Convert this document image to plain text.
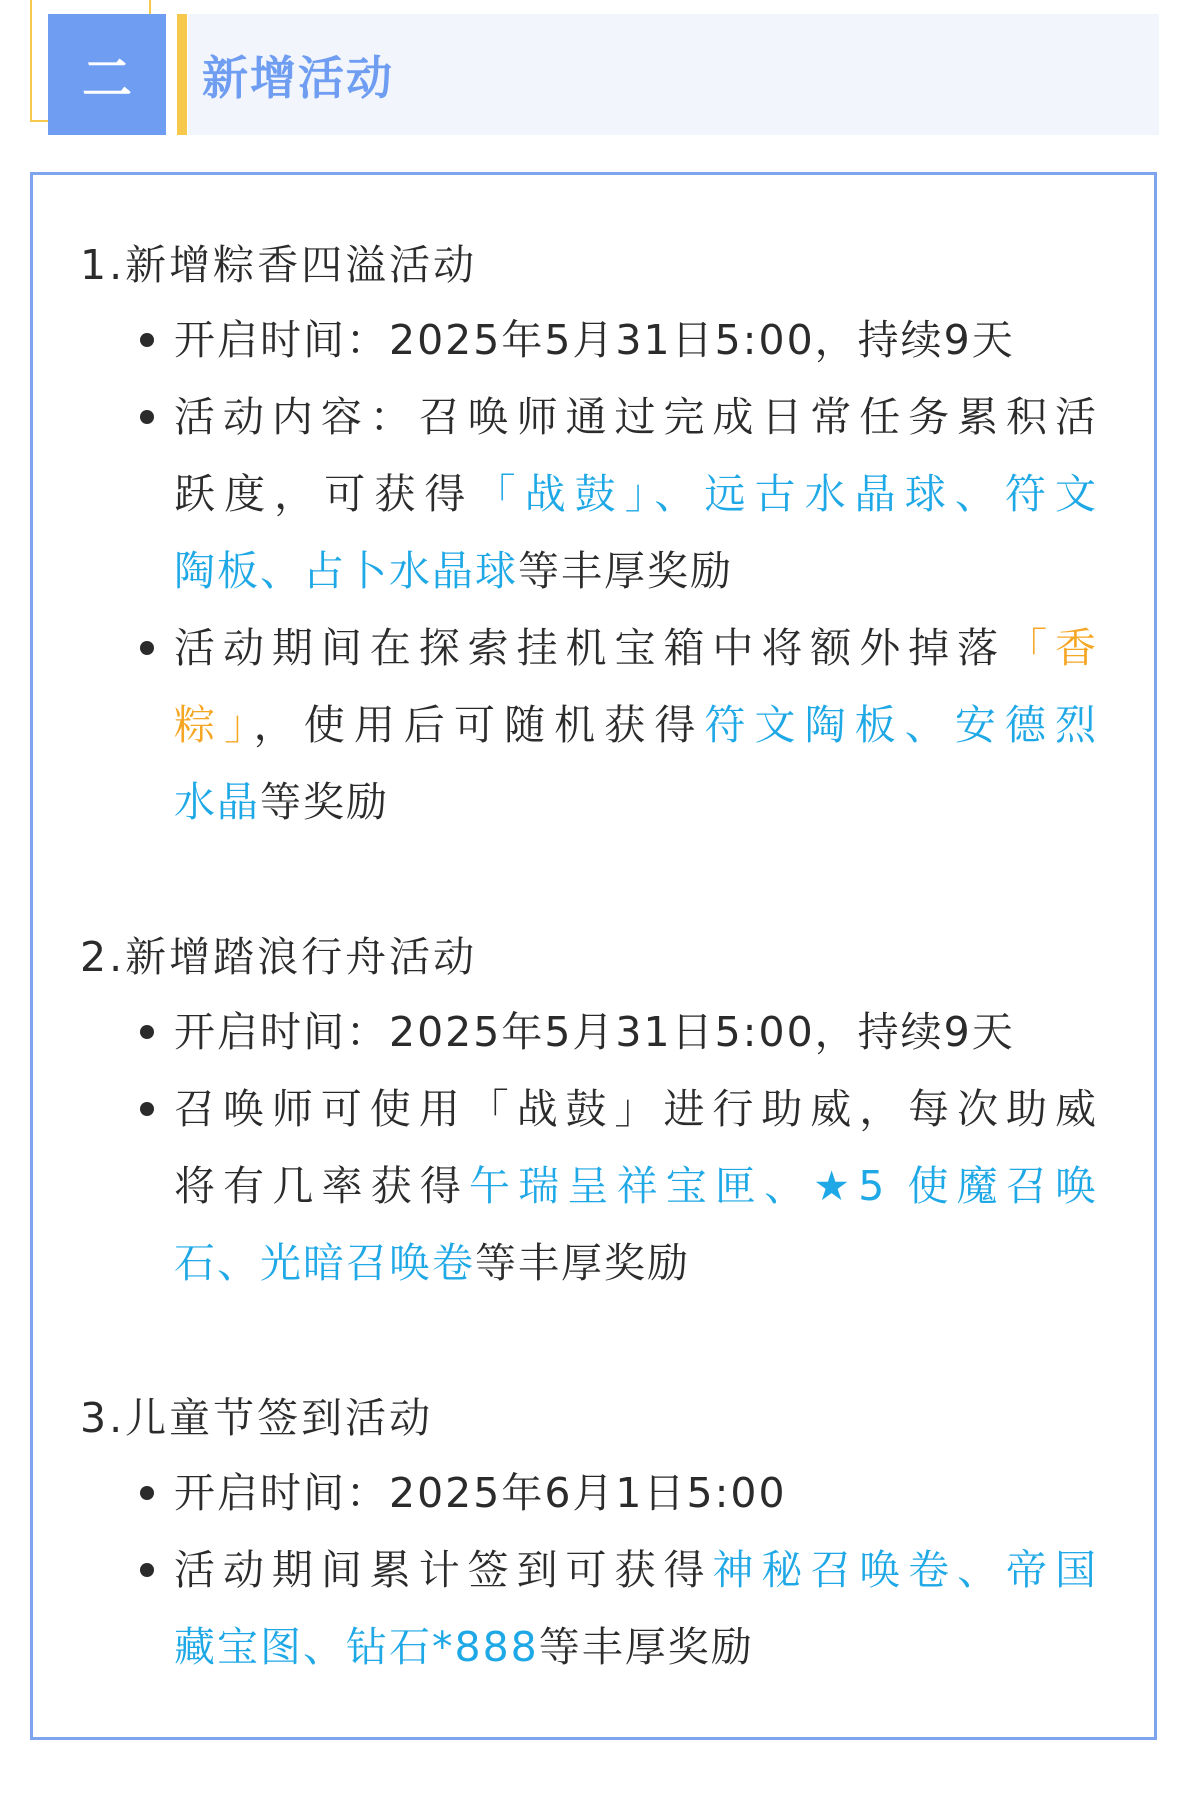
二	新增活动
1.新增粽香四溢活动
开启时间：2025年5月31日5:00，持续9天
活动内容：召唤师通过完成日常任务累积活
跃度，可获得「战鼓」、远古水晶球、符文
陶板、占卜水晶球等丰厚奖励
活动期间在探索挂机宝箱中将额外掉落「香
粽」，使用后可随机获得符文陶板、安德烈
水晶等奖励
2.新增踏浪行舟活动
开启时间：2025年5月31日5:00，持续9天
召唤师可使用「战鼓」进行助威，每次助威
将有几率获得午瑞呈祥宝匣、★5 使魔召唤
石、光暗召唤卷等丰厚奖励
3.儿童节签到活动
开启时间：2025年6月1日5:00
活动期间累计签到可获得神秘召唤卷、帝国
藏宝图、钻石*888等丰厚奖励
